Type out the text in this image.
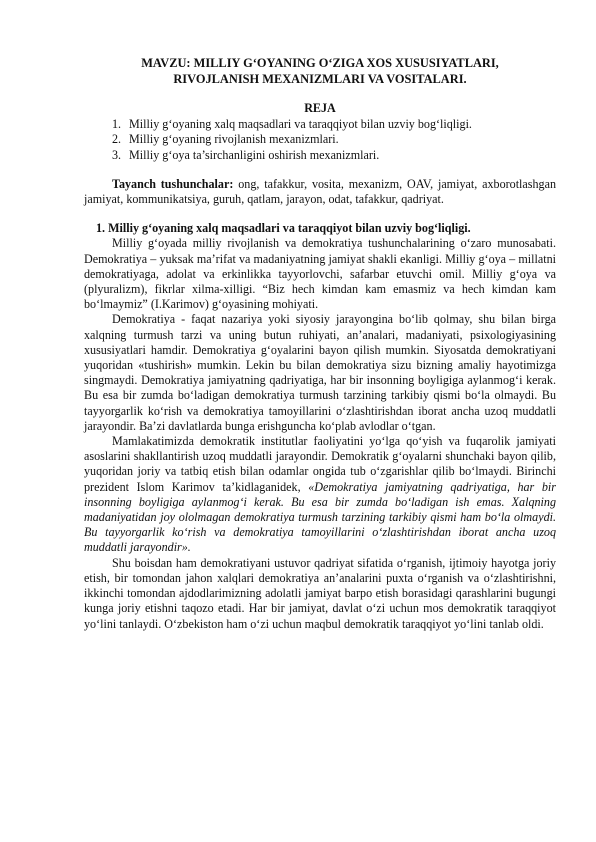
MAVZU: MILLIY G‘OYANING O‘ZIGA XOS XUSUSIYATLARI,
RIVOJLANISH MEXANIZMLARI VA VOSITALARI.

REJA
1. Milliy g‘oyaning xalq maqsadlari va taraqqiyot bilan uzviy bog‘liqligi.
2. Milliy g‘oyaning rivojlanish mexanizmlari.
3. Milliy g‘oya ta’sirchanligini oshirish mexanizmlari.

Tayanch tushunchalar: ong, tafakkur, vosita, mexanizm, OAV, jamiyat, axborotlashgan jamiyat, kommunikatsiya, guruh, qatlam, jarayon, odat, tafakkur, qadriyat.

1. Milliy g‘oyaning xalq maqsadlari va taraqqiyot bilan uzviy bog‘liqligi.

Milliy g‘oyada milliy rivojlanish va demokratiya tushunchalarining o‘zaro munosabati. Demokratiya – yuksak ma’rifat va madaniyatning jamiyat shakli ekanligi. Milliy g‘oya – millatni demokratiyaga, adolat va erkinlikka tayyorlovchi, safarbar etuvchi omil. Milliy g‘oya va (plyuralizm), fikrlar xilma-xilligi. “Biz hech kimdan kam emasmiz va hech kimdan kam bo‘lmaymiz” (I.Karimov) g‘oyasining mohiyati.

Demokratiya - faqat nazariya yoki siyosiy jarayongina bo‘lib qolmay, shu bilan birga xalqning turmush tarzi va uning butun ruhiyati, an’analari, madaniyati, psixologiyasining xususiyatlari hamdir. Demokratiya g‘oyalarini bayon qilish mumkin. Siyosatda demokratiyani yuqoridan «tushirish» mumkin. Lekin bu bilan demokratiya sizu bizning amaliy hayotimizga singmaydi. Demokratiya jamiyatning qadriyatiga, har bir insonning boyligiga aylanmog‘i kerak. Bu esa bir zumda bo‘ladigan demokratiya turmush tarzining tarkibiy qismi bo‘la olmaydi. Bu tayyorgarlik ko‘rish va demokratiya tamoyillarini o‘zlashtirishdan iborat ancha uzoq muddatli jarayondir. Ba’zi davlatlarda bunga erishguncha ko‘plab avlodlar o‘tgan.

Mamlakatimizda demokratik institutlar faoliyatini yo‘lga qo‘yish va fuqarolik jamiyati asoslarini shakllantirish uzoq muddatli jarayondir. Demokratik g‘oyalarni shunchaki bayon qilib, yuqoridan joriy va tatbiq etish bilan odamlar ongida tub o‘zgarishlar qilib bo‘lmaydi. Birinchi prezident Islom Karimov ta’kidlaganidek, «Demokratiya jamiyatning qadriyatiga, har bir insonning boyligiga aylanmog‘i kerak. Bu esa bir zumda bo‘ladigan ish emas. Xalqning madaniyatidan joy ololmagan demokratiya turmush tarzining tarkibiy qismi ham bo‘la olmaydi. Bu tayyorgarlik ko‘rish va demokratiya tamoyillarini o‘zlashtirishdan iborat ancha uzoq muddatli jarayondir».

Shu boisdan ham demokratiyani ustuvor qadriyat sifatida o‘rganish, ijtimoiy hayotga joriy etish, bir tomondan jahon xalqlari demokratiya an’analarini puxta o‘rganish va o‘zlashtirishni, ikkinchi tomondan ajdodlarimizning adolatli jamiyat barpo etish borasidagi qarashlarini bugungi kunga joriy etishni taqozo etadi. Har bir jamiyat, davlat o‘zi uchun mos demokratik taraqqiyot yo‘lini tanlaydi. O‘zbekiston ham o‘zi uchun maqbul demokratik taraqqiyot yo‘lini tanlab oldi.
